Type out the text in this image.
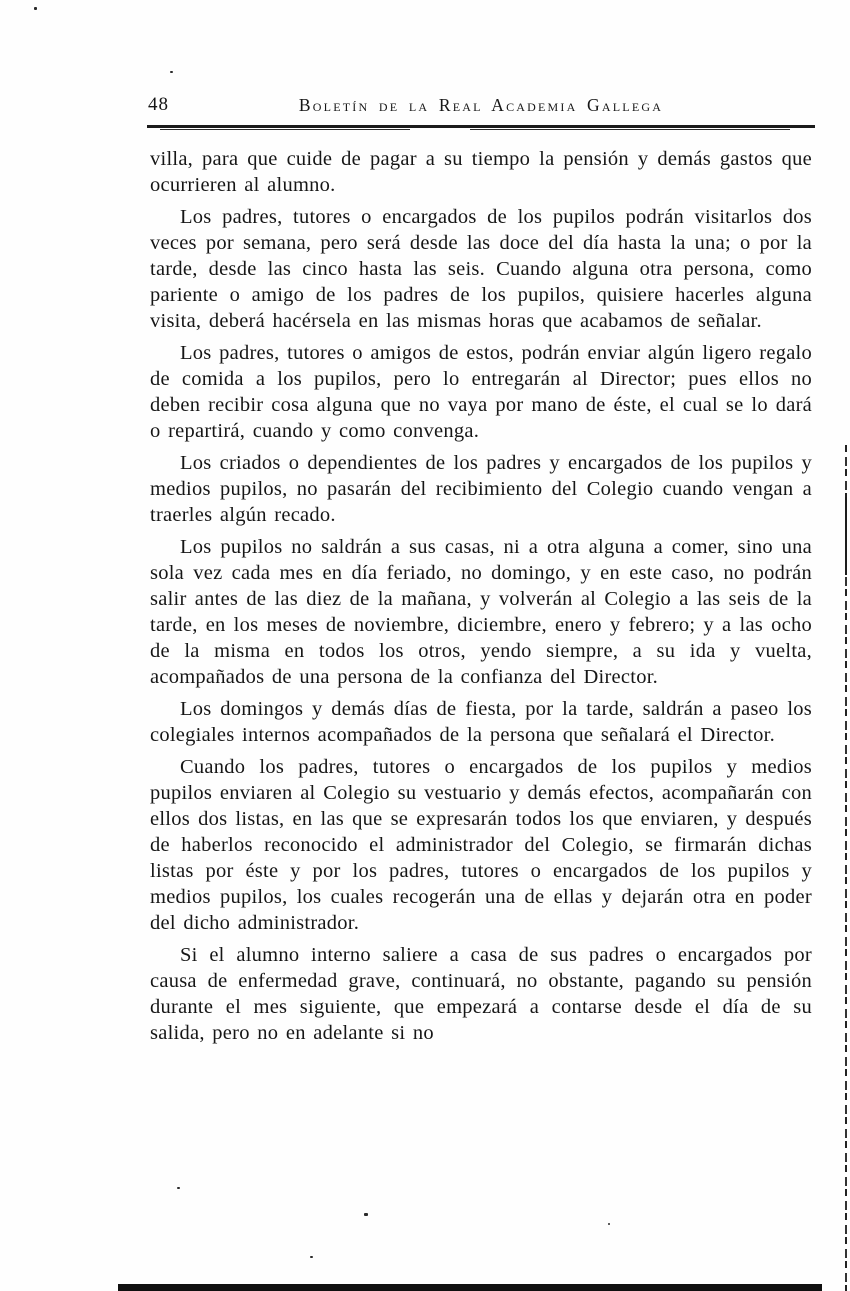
48	Boletín de la Real Academia Gallega

villa, para que cuide de pagar a su tiempo la pensión y demás gastos que ocurrieren al alumno.

Los padres, tutores o encargados de los pupilos podrán visitarlos dos veces por semana, pero será desde las doce del día hasta la una; o por la tarde, desde las cinco hasta las seis. Cuando alguna otra persona, como pariente o amigo de los padres de los pupilos, quisiere hacerles alguna visita, deberá hacérsela en las mismas horas que acabamos de señalar.

Los padres, tutores o amigos de estos, podrán enviar algún ligero regalo de comida a los pupilos, pero lo entregarán al Director; pues ellos no deben recibir cosa alguna que no vaya por mano de éste, el cual se lo dará o repartirá, cuando y como convenga.

Los criados o dependientes de los padres y encargados de los pupilos y medios pupilos, no pasarán del recibimiento del Colegio cuando vengan a traerles algún recado.

Los pupilos no saldrán a sus casas, ni a otra alguna a comer, sino una sola vez cada mes en día feriado, no domingo, y en este caso, no podrán salir antes de las diez de la mañana, y volverán al Colegio a las seis de la tarde, en los meses de noviembre, diciembre, enero y febrero; y a las ocho de la misma en todos los otros, yendo siempre, a su ida y vuelta, acompañados de una persona de la confianza del Director.

Los domingos y demás días de fiesta, por la tarde, saldrán a paseo los colegiales internos acompañados de la persona que señalará el Director.

Cuando los padres, tutores o encargados de los pupilos y medios pupilos enviaren al Colegio su vestuario y demás efectos, acompañarán con ellos dos listas, en las que se expresarán todos los que enviaren, y después de haberlos reconocido el administrador del Colegio, se firmarán dichas listas por éste y por los padres, tutores o encargados de los pupilos y medios pupilos, los cuales recogerán una de ellas y dejarán otra en poder del dicho administrador.

Si el alumno interno saliere a casa de sus padres o encargados por causa de enfermedad grave, continuará, no obstante, pagando su pensión durante el mes siguiente, que empezará a contarse desde el día de su salida, pero no en adelante si no
